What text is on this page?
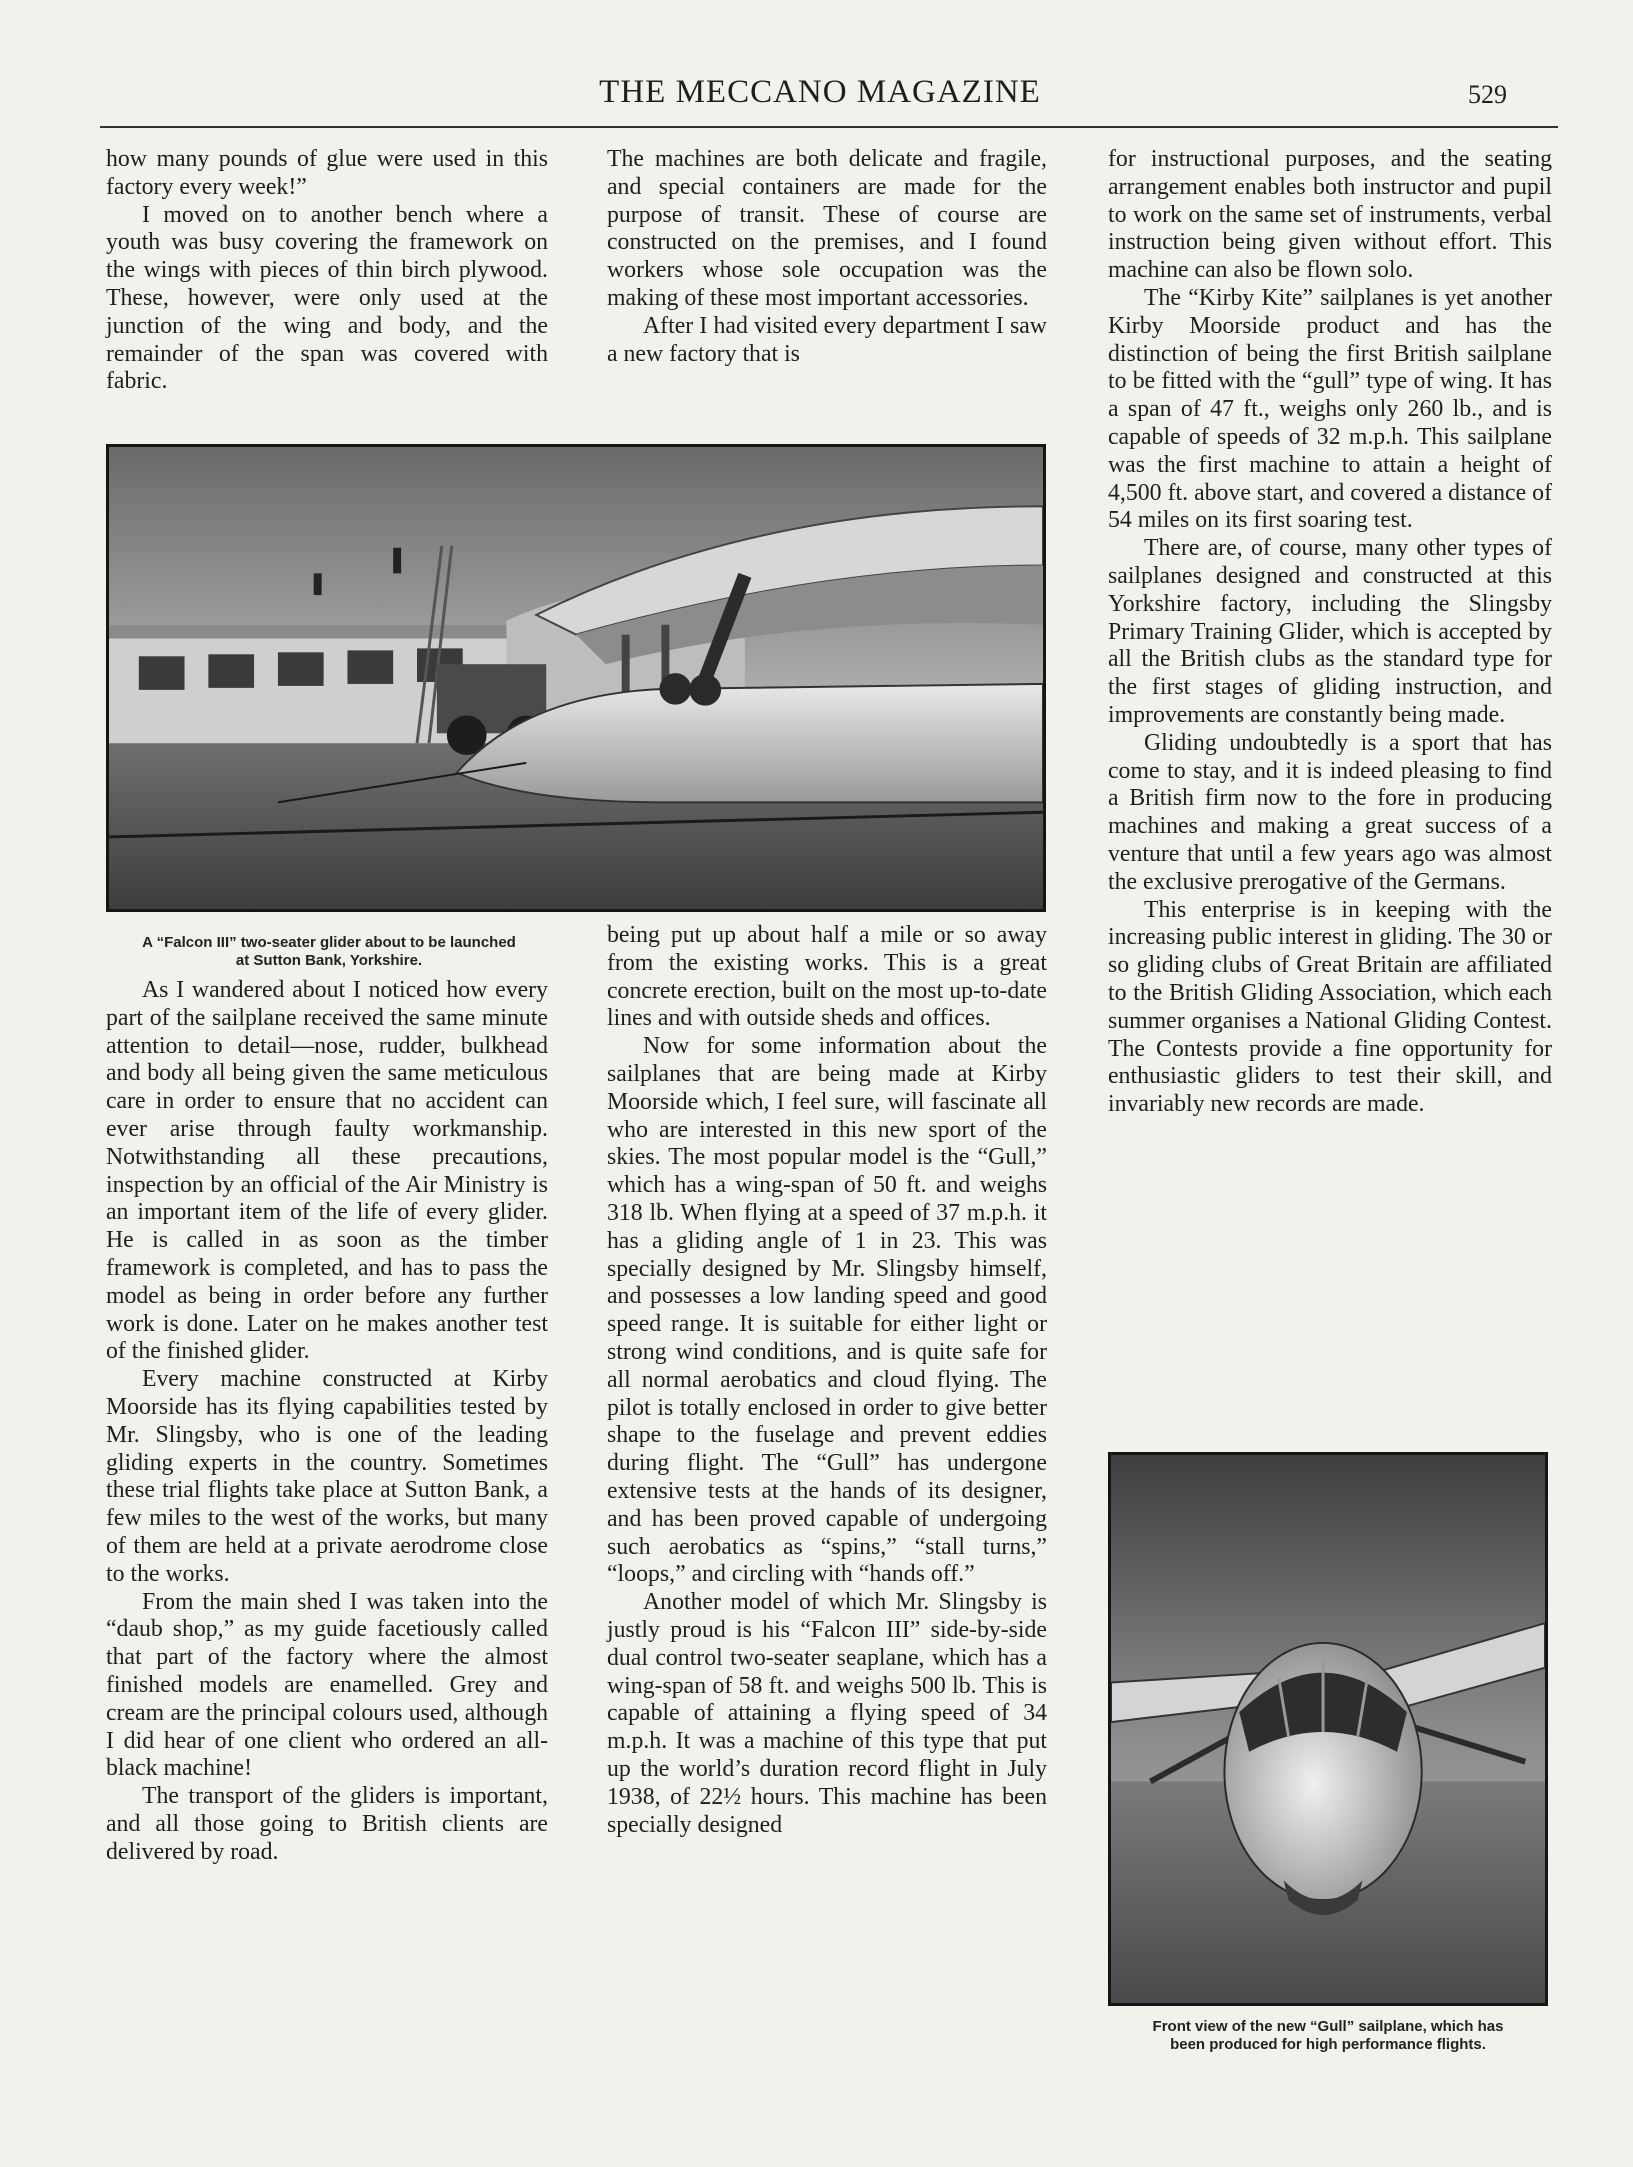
THE MECCANO MAGAZINE	529

how many pounds of glue were used in this factory every week!”

I moved on to another bench where a youth was busy covering the framework on the wings with pieces of thin birch plywood. These, however, were only used at the junction of the wing and body, and the remainder of the span was covered with fabric.

The machines are both delicate and fragile, and special containers are made for the purpose of transit. These of course are constructed on the premises, and I found workers whose sole occupation was the making of these most important accessories.

After I had visited every department I saw a new factory that is

A “Falcon III” two-seater glider about to be launched
at Sutton Bank, Yorkshire.

As I wandered about I noticed how every part of the sailplane received the same minute attention to detail—nose, rudder, bulkhead and body all being given the same meticulous care in order to ensure that no accident can ever arise through faulty workmanship. Notwithstanding all these precautions, inspection by an official of the Air Ministry is an important item of the life of every glider. He is called in as soon as the timber framework is completed, and has to pass the model as being in order before any further work is done. Later on he makes another test of the finished glider.

Every machine constructed at Kirby Moorside has its flying capabilities tested by Mr. Slingsby, who is one of the leading gliding experts in the country. Sometimes these trial flights take place at Sutton Bank, a few miles to the west of the works, but many of them are held at a private aerodrome close to the works.

From the main shed I was taken into the “daub shop,” as my guide facetiously called that part of the factory where the almost finished models are enamelled. Grey and cream are the principal colours used, although I did hear of one client who ordered an all-black machine!

The transport of the gliders is important, and all those going to British clients are delivered by road.

being put up about half a mile or so away from the existing works. This is a great concrete erection, built on the most up-to-date lines and with outside sheds and offices.

Now for some information about the sailplanes that are being made at Kirby Moorside which, I feel sure, will fascinate all who are interested in this new sport of the skies. The most popular model is the “Gull,” which has a wing-span of 50 ft. and weighs 318 lb. When flying at a speed of 37 m.p.h. it has a gliding angle of 1 in 23. This was specially designed by Mr. Slingsby himself, and possesses a low landing speed and good speed range. It is suitable for either light or strong wind conditions, and is quite safe for all normal aerobatics and cloud flying. The pilot is totally enclosed in order to give better shape to the fuselage and prevent eddies during flight. The “Gull” has undergone extensive tests at the hands of its designer, and has been proved capable of undergoing such aerobatics as “spins,” “stall turns,” “loops,” and circling with “hands off.”

Another model of which Mr. Slingsby is justly proud is his “Falcon III” side-by-side dual control two-seater seaplane, which has a wing-span of 58 ft. and weighs 500 lb. This is capable of attaining a flying speed of 34 m.p.h. It was a machine of this type that put up the world’s duration record flight in July 1938, of 22½ hours. This machine has been specially designed

for instructional purposes, and the seating arrangement enables both instructor and pupil to work on the same set of instruments, verbal instruction being given without effort. This machine can also be flown solo.

The “Kirby Kite” sailplanes is yet another Kirby Moorside product and has the distinction of being the first British sailplane to be fitted with the “gull” type of wing. It has a span of 47 ft., weighs only 260 lb., and is capable of speeds of 32 m.p.h. This sailplane was the first machine to attain a height of 4,500 ft. above start, and covered a distance of 54 miles on its first soaring test.

There are, of course, many other types of sailplanes designed and constructed at this Yorkshire factory, including the Slingsby Primary Training Glider, which is accepted by all the British clubs as the standard type for the first stages of gliding instruction, and improvements are constantly being made.

Gliding undoubtedly is a sport that has come to stay, and it is indeed pleasing to find a British firm now to the fore in producing machines and making a great success of a venture that until a few years ago was almost the exclusive prerogative of the Germans.

This enterprise is in keeping with the increasing public interest in gliding. The 30 or so gliding clubs of Great Britain are affiliated to the British Gliding Association, which each summer organises a National Gliding Contest. The Contests provide a fine opportunity for enthusiastic gliders to test their skill, and invariably new records are made.

Front view of the new “Gull” sailplane, which has
been produced for high performance flights.
